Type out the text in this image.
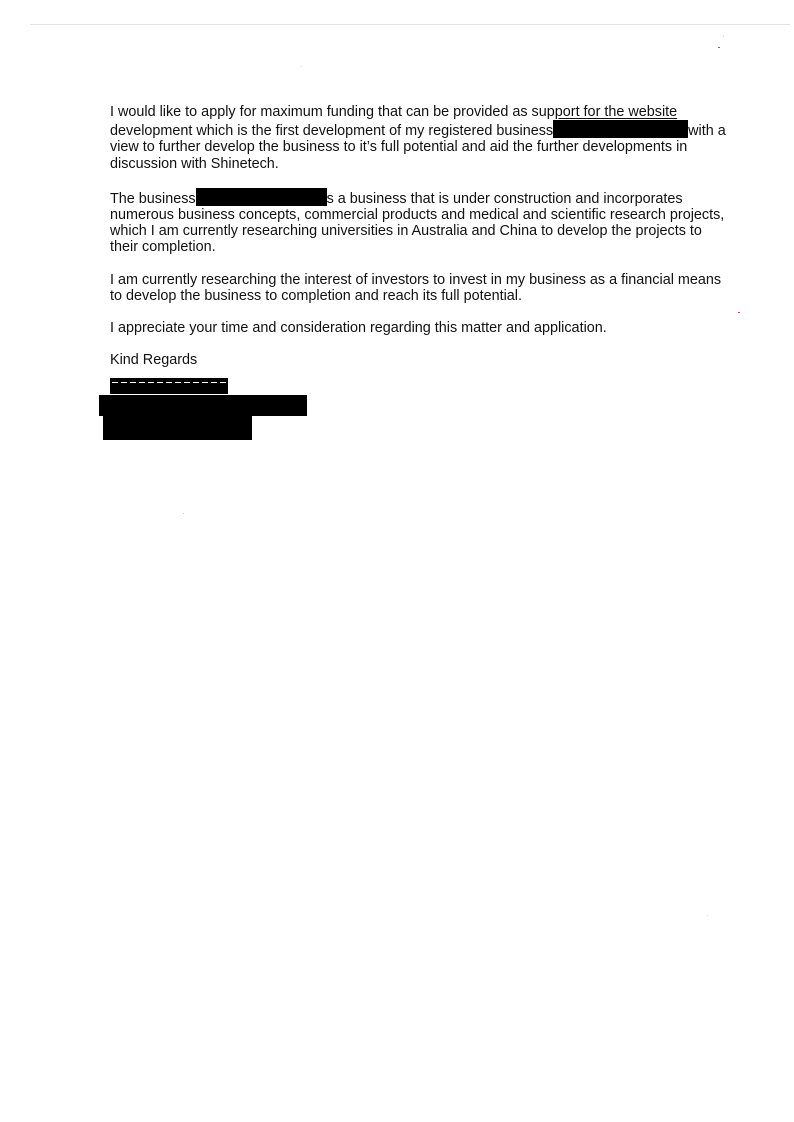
I would like to apply for maximum funding that can be provided as support for the website
development which is the first development of my registered business	with a view to further develop the business to it’s full potential and aid the further developments in discussion with Shinetech.

The business	s a business that is under construction and incorporates numerous business concepts, commercial products and medical and scientific research projects, which I am currently researching universities in Australia and China to develop the projects to their completion.

I am currently researching the interest of investors to invest in my business as a financial means to develop the business to completion and reach its full potential.

I appreciate your time and consideration regarding this matter and application.

Kind Regards
